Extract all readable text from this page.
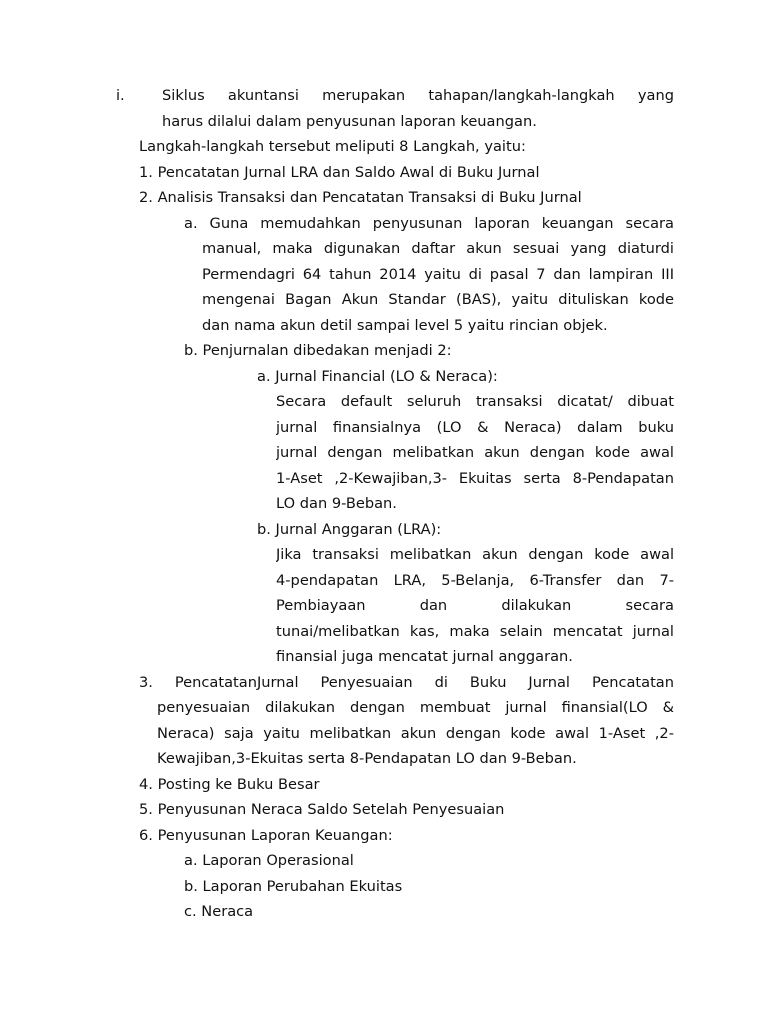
i.	Siklus akuntansi merupakan tahapan/langkah-langkah yang
harus dilalui dalam penyusunan laporan keuangan.
Langkah-langkah tersebut meliputi 8 Langkah, yaitu:
1. Pencatatan Jurnal LRA dan Saldo Awal di Buku Jurnal
2. Analisis Transaksi dan Pencatatan Transaksi di Buku Jurnal
a. Guna memudahkan penyusunan laporan keuangan secara
manual, maka digunakan daftar akun sesuai yang diaturdi
Permendagri 64 tahun 2014 yaitu di pasal 7 dan lampiran III
mengenai Bagan Akun Standar (BAS), yaitu dituliskan kode
dan nama akun detil sampai level 5 yaitu rincian objek.
b. Penjurnalan dibedakan menjadi 2:
a. Jurnal Financial (LO & Neraca):
Secara default seluruh transaksi dicatat/ dibuat
jurnal finansialnya (LO & Neraca) dalam buku
jurnal dengan melibatkan akun dengan kode awal
1-Aset ,2-Kewajiban,3- Ekuitas serta 8-Pendapatan
LO dan 9-Beban.
b. Jurnal Anggaran (LRA):
Jika transaksi melibatkan akun dengan kode awal
4-pendapatan LRA, 5-Belanja, 6-Transfer dan 7-
Pembiayaan dan dilakukan secara
tunai/melibatkan kas, maka selain mencatat jurnal
finansial juga mencatat jurnal anggaran.
3. PencatatanJurnal Penyesuaian di Buku Jurnal Pencatatan
penyesuaian dilakukan dengan membuat jurnal finansial(LO &
Neraca) saja yaitu melibatkan akun dengan kode awal 1-Aset ,2-
Kewajiban,3-Ekuitas serta 8-Pendapatan LO dan 9-Beban.
4. Posting ke Buku Besar
5. Penyusunan Neraca Saldo Setelah Penyesuaian
6. Penyusunan Laporan Keuangan:
a. Laporan Operasional
b. Laporan Perubahan Ekuitas
c. Neraca
